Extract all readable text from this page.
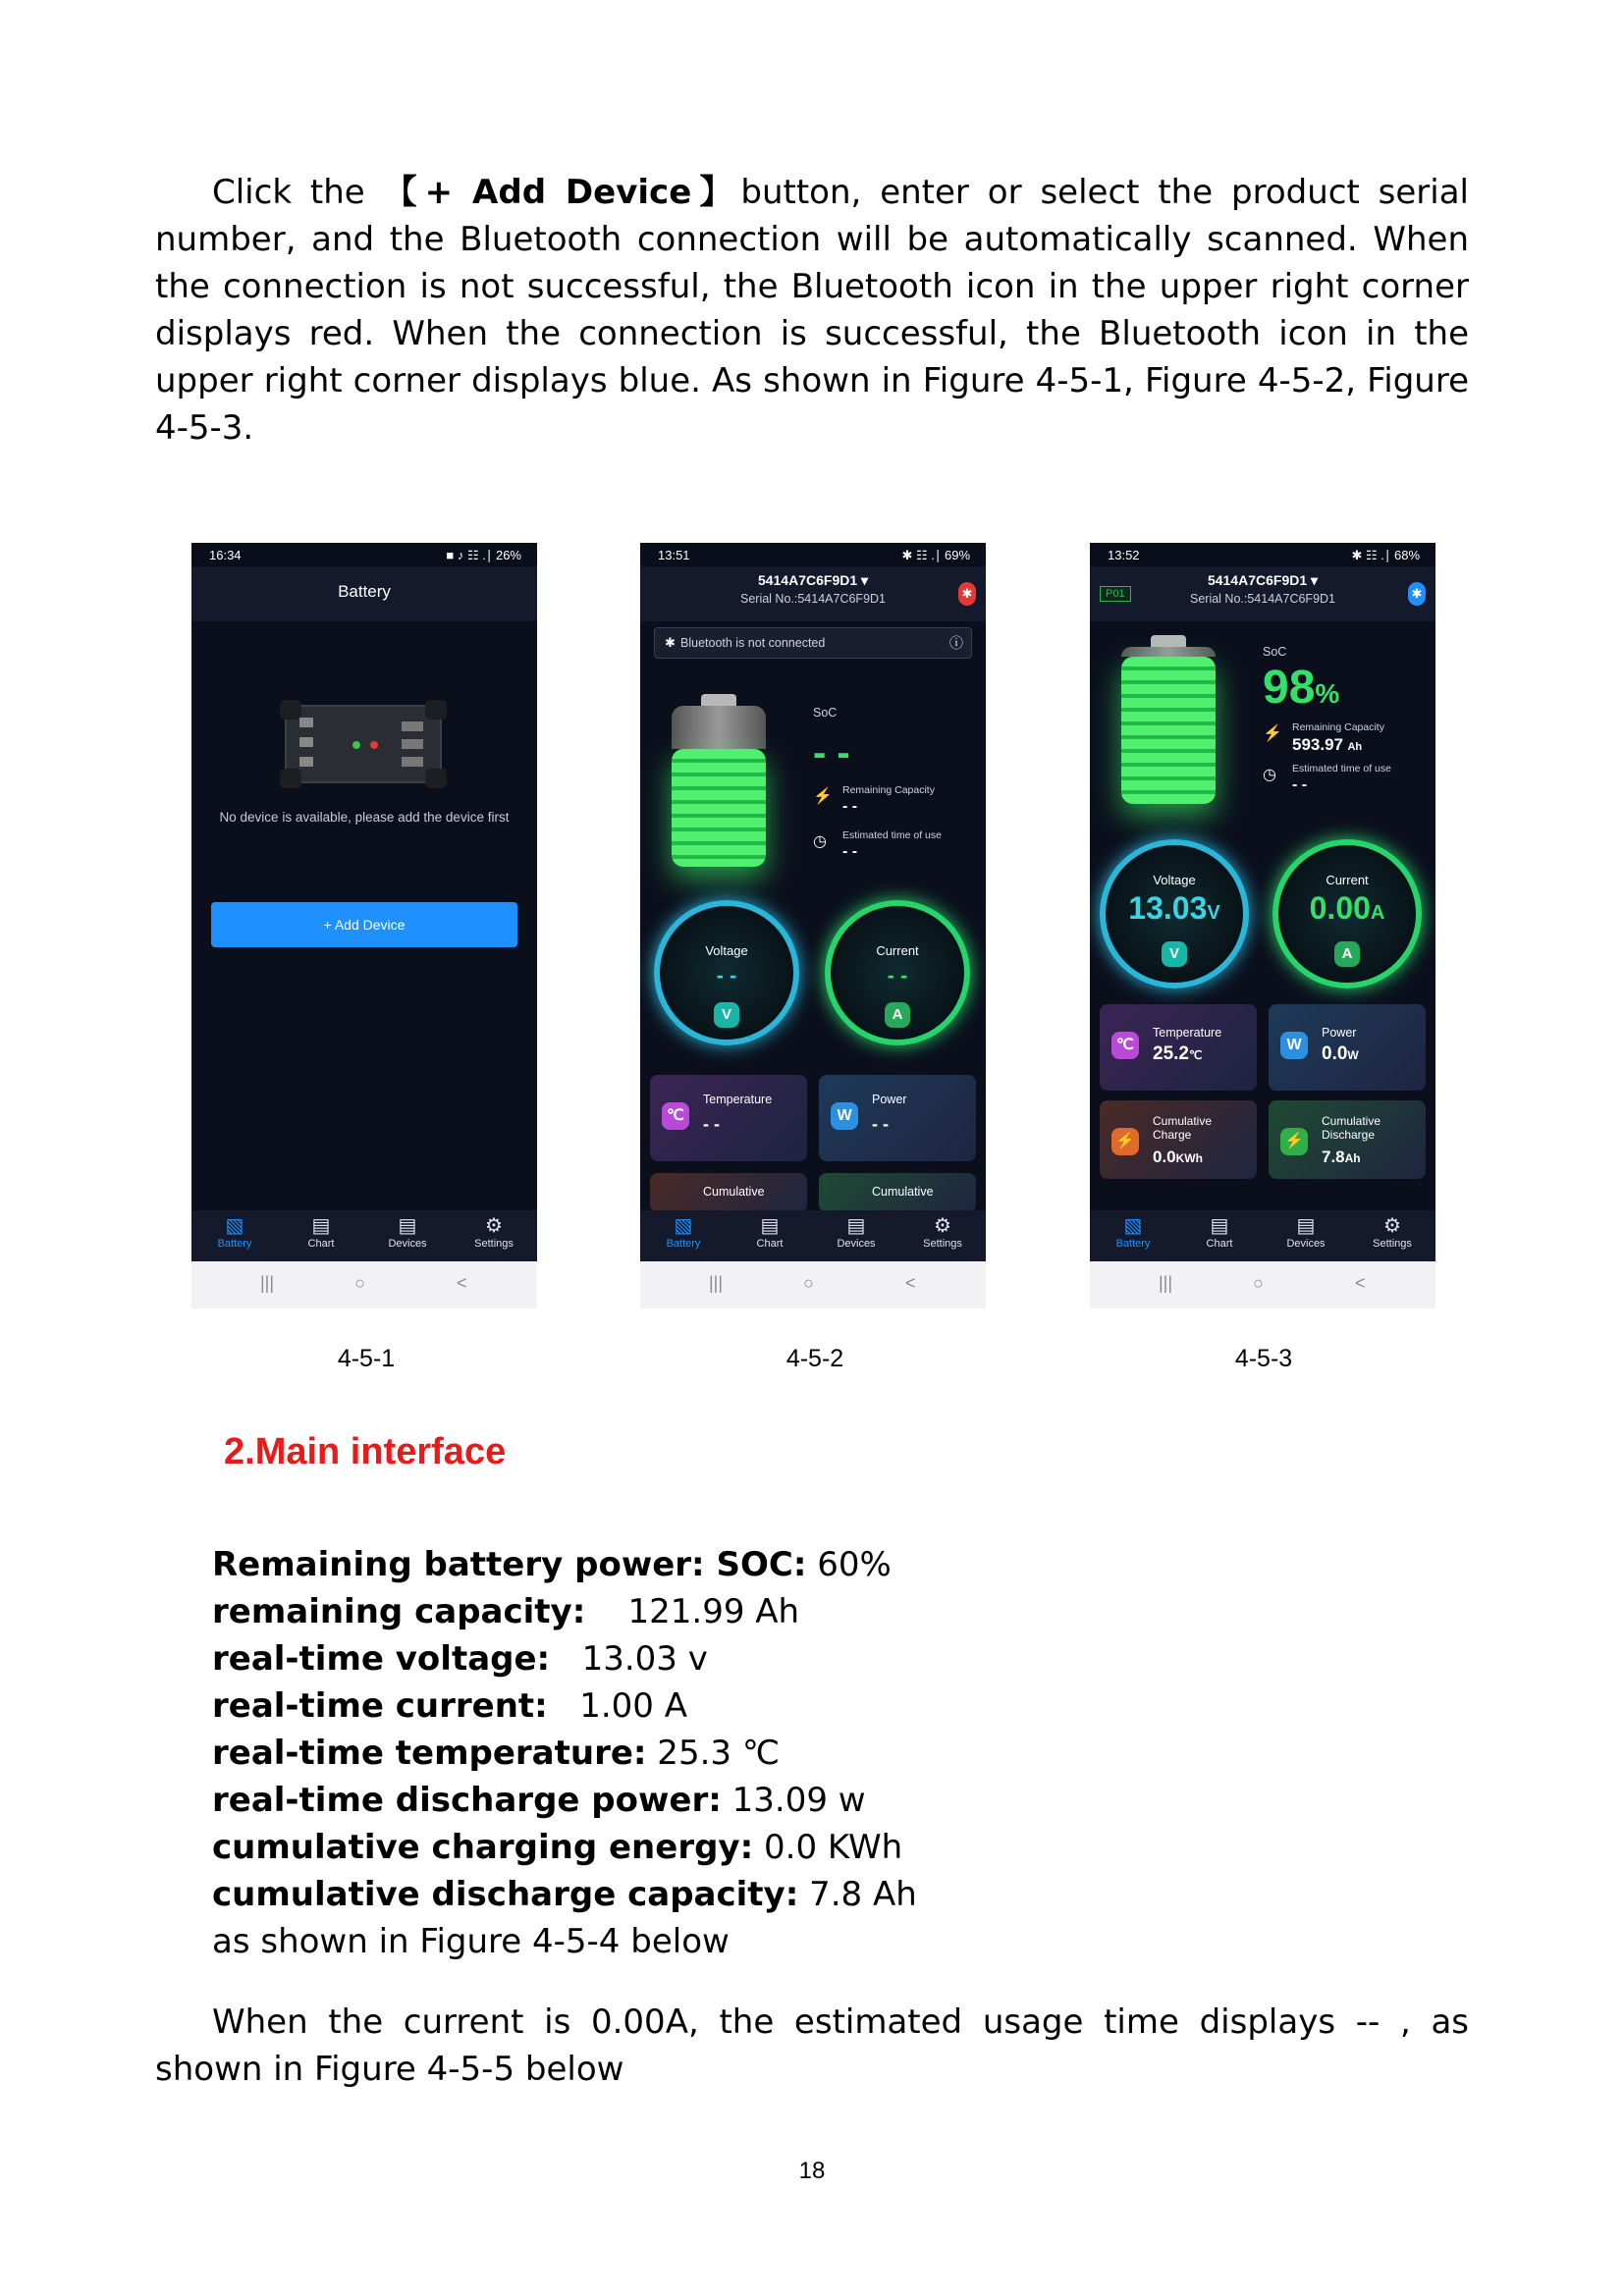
Click the 【+ Add Device】button, enter or select the product serial number, and the Bluetooth connection will be automatically scanned. When the connection is not successful, the Bluetooth icon in the upper right corner displays red. When the connection is successful, the Bluetooth icon in the upper right corner displays blue. As shown in Figure 4-5-1, Figure 4-5-2, Figure 4-5-3.
16:34	■ ♪ ☷ .∣ 26%
Battery
No device is available, please add the device first
+ Add Device
▧
Battery
▤
Chart
▤
Devices
⚙
Settings
|||	○	<
13:51	✱ ☷ .∣ 69%
5414A7C6F9D1 ▾
Serial No.:5414A7C6F9D1	✱
✱ Bluetooth is not connected	ⓘ
SoC
- -
⚡ Remaining Capacity
- -
◷ Estimated time of use
- -
Voltage
- -
V
Current
- -
A
℃
Temperature
- -	W
Power
- -
Cumulative	Cumulative
▧
Battery
▤
Chart
▤
Devices
⚙
Settings
|||	○	<
13:52	✱ ☷ .∣ 68%
P01
5414A7C6F9D1 ▾
Serial No.:5414A7C6F9D1	✱
SoC
98%
⚡ Remaining Capacity
593.97 Ah
◷ Estimated time of use
- -
Voltage
13.03V
V
Current
0.00A
A
℃
Temperature
25.2℃
W
Power
0.0W
⚡
Cumulative
Charge
0.0KWh
⚡
Cumulative
Discharge
7.8Ah
▧
Battery
▤
Chart
▤
Devices
⚙
Settings
|||	○	<
4-5-1	4-5-2	4-5-3
2.Main interface
Remaining battery power: SOC: 60%
remaining capacity:    121.99 Ah
real-time voltage:   13.03 v
real-time current:   1.00 A
real-time temperature: 25.3 ℃
real-time discharge power: 13.09 w
cumulative charging energy: 0.0 KWh
cumulative discharge capacity: 7.8 Ah
as shown in Figure 4-5-4 below
When the current is 0.00A, the estimated usage time displays -- , as shown in Figure 4-5-5 below
18
